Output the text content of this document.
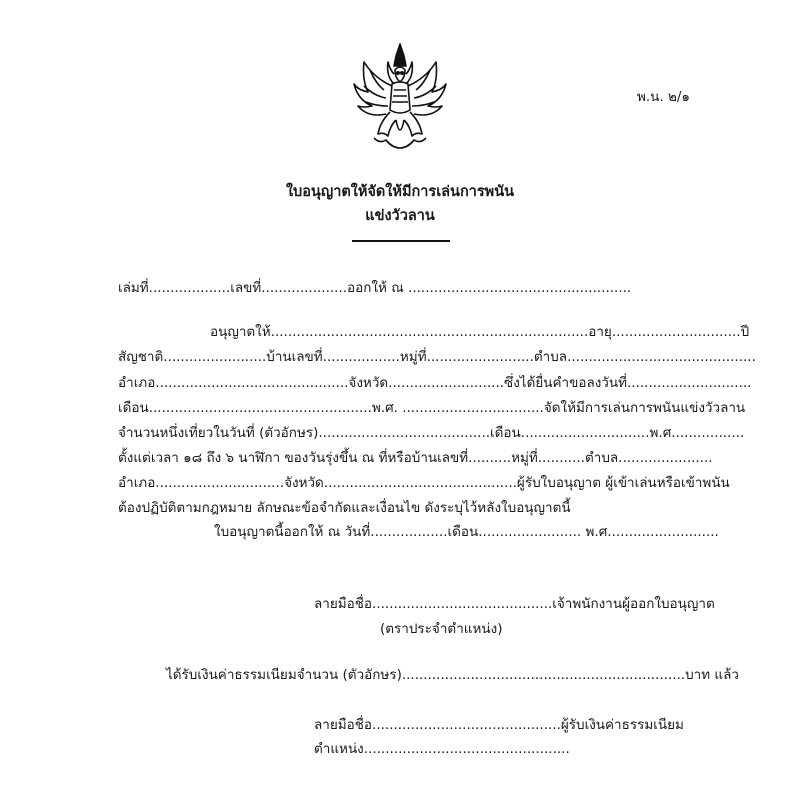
พ.น. ๒/๑
ใบอนุญาตให้จัดให้มีการเล่นการพนัน
แข่งวัวลาน
เล่มที่...................เลขที่....................ออกให้ ณ ....................................................
อนุญาตให้..........................................................................อายุ..............................ปี
สัญชาติ........................ บ้านเลขที่.................. หมู่ที่......................... ตำบล............................................
อำเภอ............................................. จังหวัด........................... ซึ่งได้ยื่นคำขอลงวันที่.............................
เดือน.................................................... พ.ศ. ................................. จัดให้มีการเล่นการพนันแข่งวัวลาน
จำนวนหนึ่งเที่ยวในวันที่ (ตัวอักษร)........................................ เดือน.............................. พ.ศ.................
ตั้งแต่เวลา ๑๘ ถึง ๖ นาฬิกา ของวันรุ่งขึ้น ณ ที่หรือบ้านเลขที่.......... หมู่ที่........... ตำบล......................
อำเภอ.............................. จังหวัด............................................. ผู้รับใบอนุญาต ผู้เข้าเล่นหรือเข้าพนัน
ต้องปฏิบัติตามกฎหมาย ลักษณะข้อจำกัดและเงื่อนไข ดังระบุไว้หลังใบอนุญาตนี้
ใบอนุญาตนี้ออกให้ ณ วันที่..................เดือน........................ พ.ศ..........................
ลายมือชื่อ..........................................เจ้าพนักงานผู้ออกใบอนุญาต
(ตราประจำตำแหน่ง)
ได้รับเงินค่าธรรมเนียมจำนวน (ตัวอักษร)..................................................................บาท แล้ว
ลายมือชื่อ............................................ผู้รับเงินค่าธรรมเนียม
ตำแหน่ง................................................
